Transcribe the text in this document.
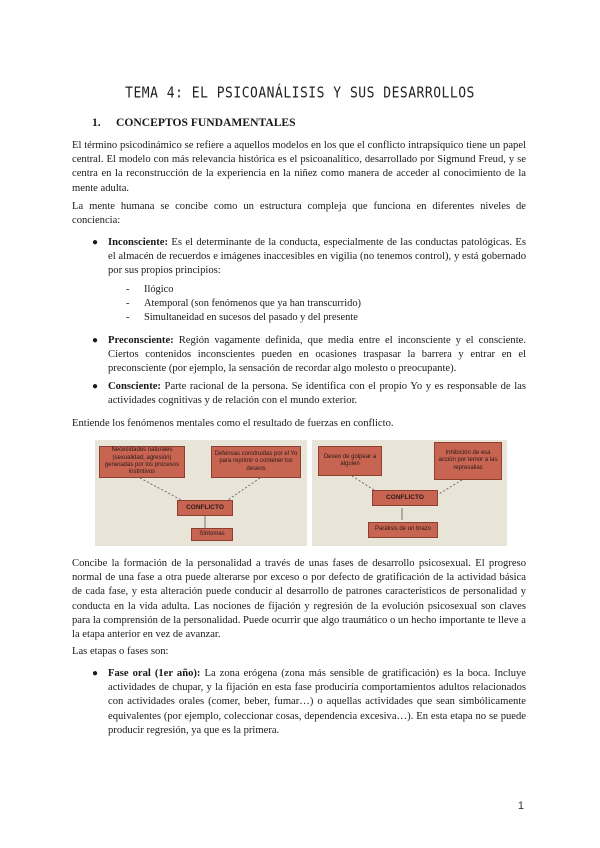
TEMA 4: EL PSICOANÁLISIS Y SUS DESARROLLOS
1. CONCEPTOS FUNDAMENTALES
El término psicodinámico se refiere a aquellos modelos en los que el conflicto intrapsíquico tiene un papel central. El modelo con más relevancia histórica es el psicoanalítico, desarrollado por Sigmund Freud, y se centra en la reconstrucción de la experiencia en la niñez como manera de acceder al conocimiento de la mente adulta.
La mente humana se concibe como un estructura compleja que funciona en diferentes niveles de conciencia:
● Inconsciente: Es el determinante de la conducta, especialmente de las conductas patológicas. Es el almacén de recuerdos e imágenes inaccesibles en vigilia (no tenemos control), y está gobernado por sus propios principios:
- Ilógico
- Atemporal (son fenómenos que ya han transcurrido)
- Simultaneidad en sucesos del pasado y del presente
● Preconsciente: Región vagamente definida, que media entre el inconsciente y el consciente. Ciertos contenidos inconscientes pueden en ocasiones traspasar la barrera y entrar en el preconsciente (por ejemplo, la sensación de recordar algo molesto o preocupante).
● Consciente: Parte racional de la persona. Se identifica con el propio Yo y es responsable de las actividades cognitivas y de relación con el mundo exterior.
Entiende los fenómenos mentales como el resultado de fuerzas en conflicto.
Necesidades naturales (sexualidad, agresión) generadas por los procesos instintivos
Defensas construidas por el Yo para reprimir o contener los deseos
CONFLICTO
Síntomas
Deseo de golpear a alguien
Inhibición de esa acción por temor a las represalias
CONFLICTO
Parálisis de un brazo
Concibe la formación de la personalidad a través de unas fases de desarrollo psicosexual. El progreso normal de una fase a otra puede alterarse por exceso o por defecto de gratificación de la actividad básica de cada fase, y esta alteración puede conducir al desarrollo de patrones característicos de personalidad y conducta en la vida adulta. Las nociones de fijación y regresión de la evolución psicosexual son claves para la comprensión de la personalidad. Puede ocurrir que algo traumático o un hecho importante te lleve a la etapa anterior en vez de avanzar.
Las etapas o fases son:
● Fase oral (1er año): La zona erógena (zona más sensible de gratificación) es la boca. Incluye actividades de chupar, y la fijación en esta fase produciría comportamientos adultos relacionados con actividades orales (comer, beber, fumar…) o aquellas actividades que sean simbólicamente equivalentes (por ejemplo, coleccionar cosas, dependencia excesiva…). En esta etapa no se puede producir regresión, ya que es la primera.
1
